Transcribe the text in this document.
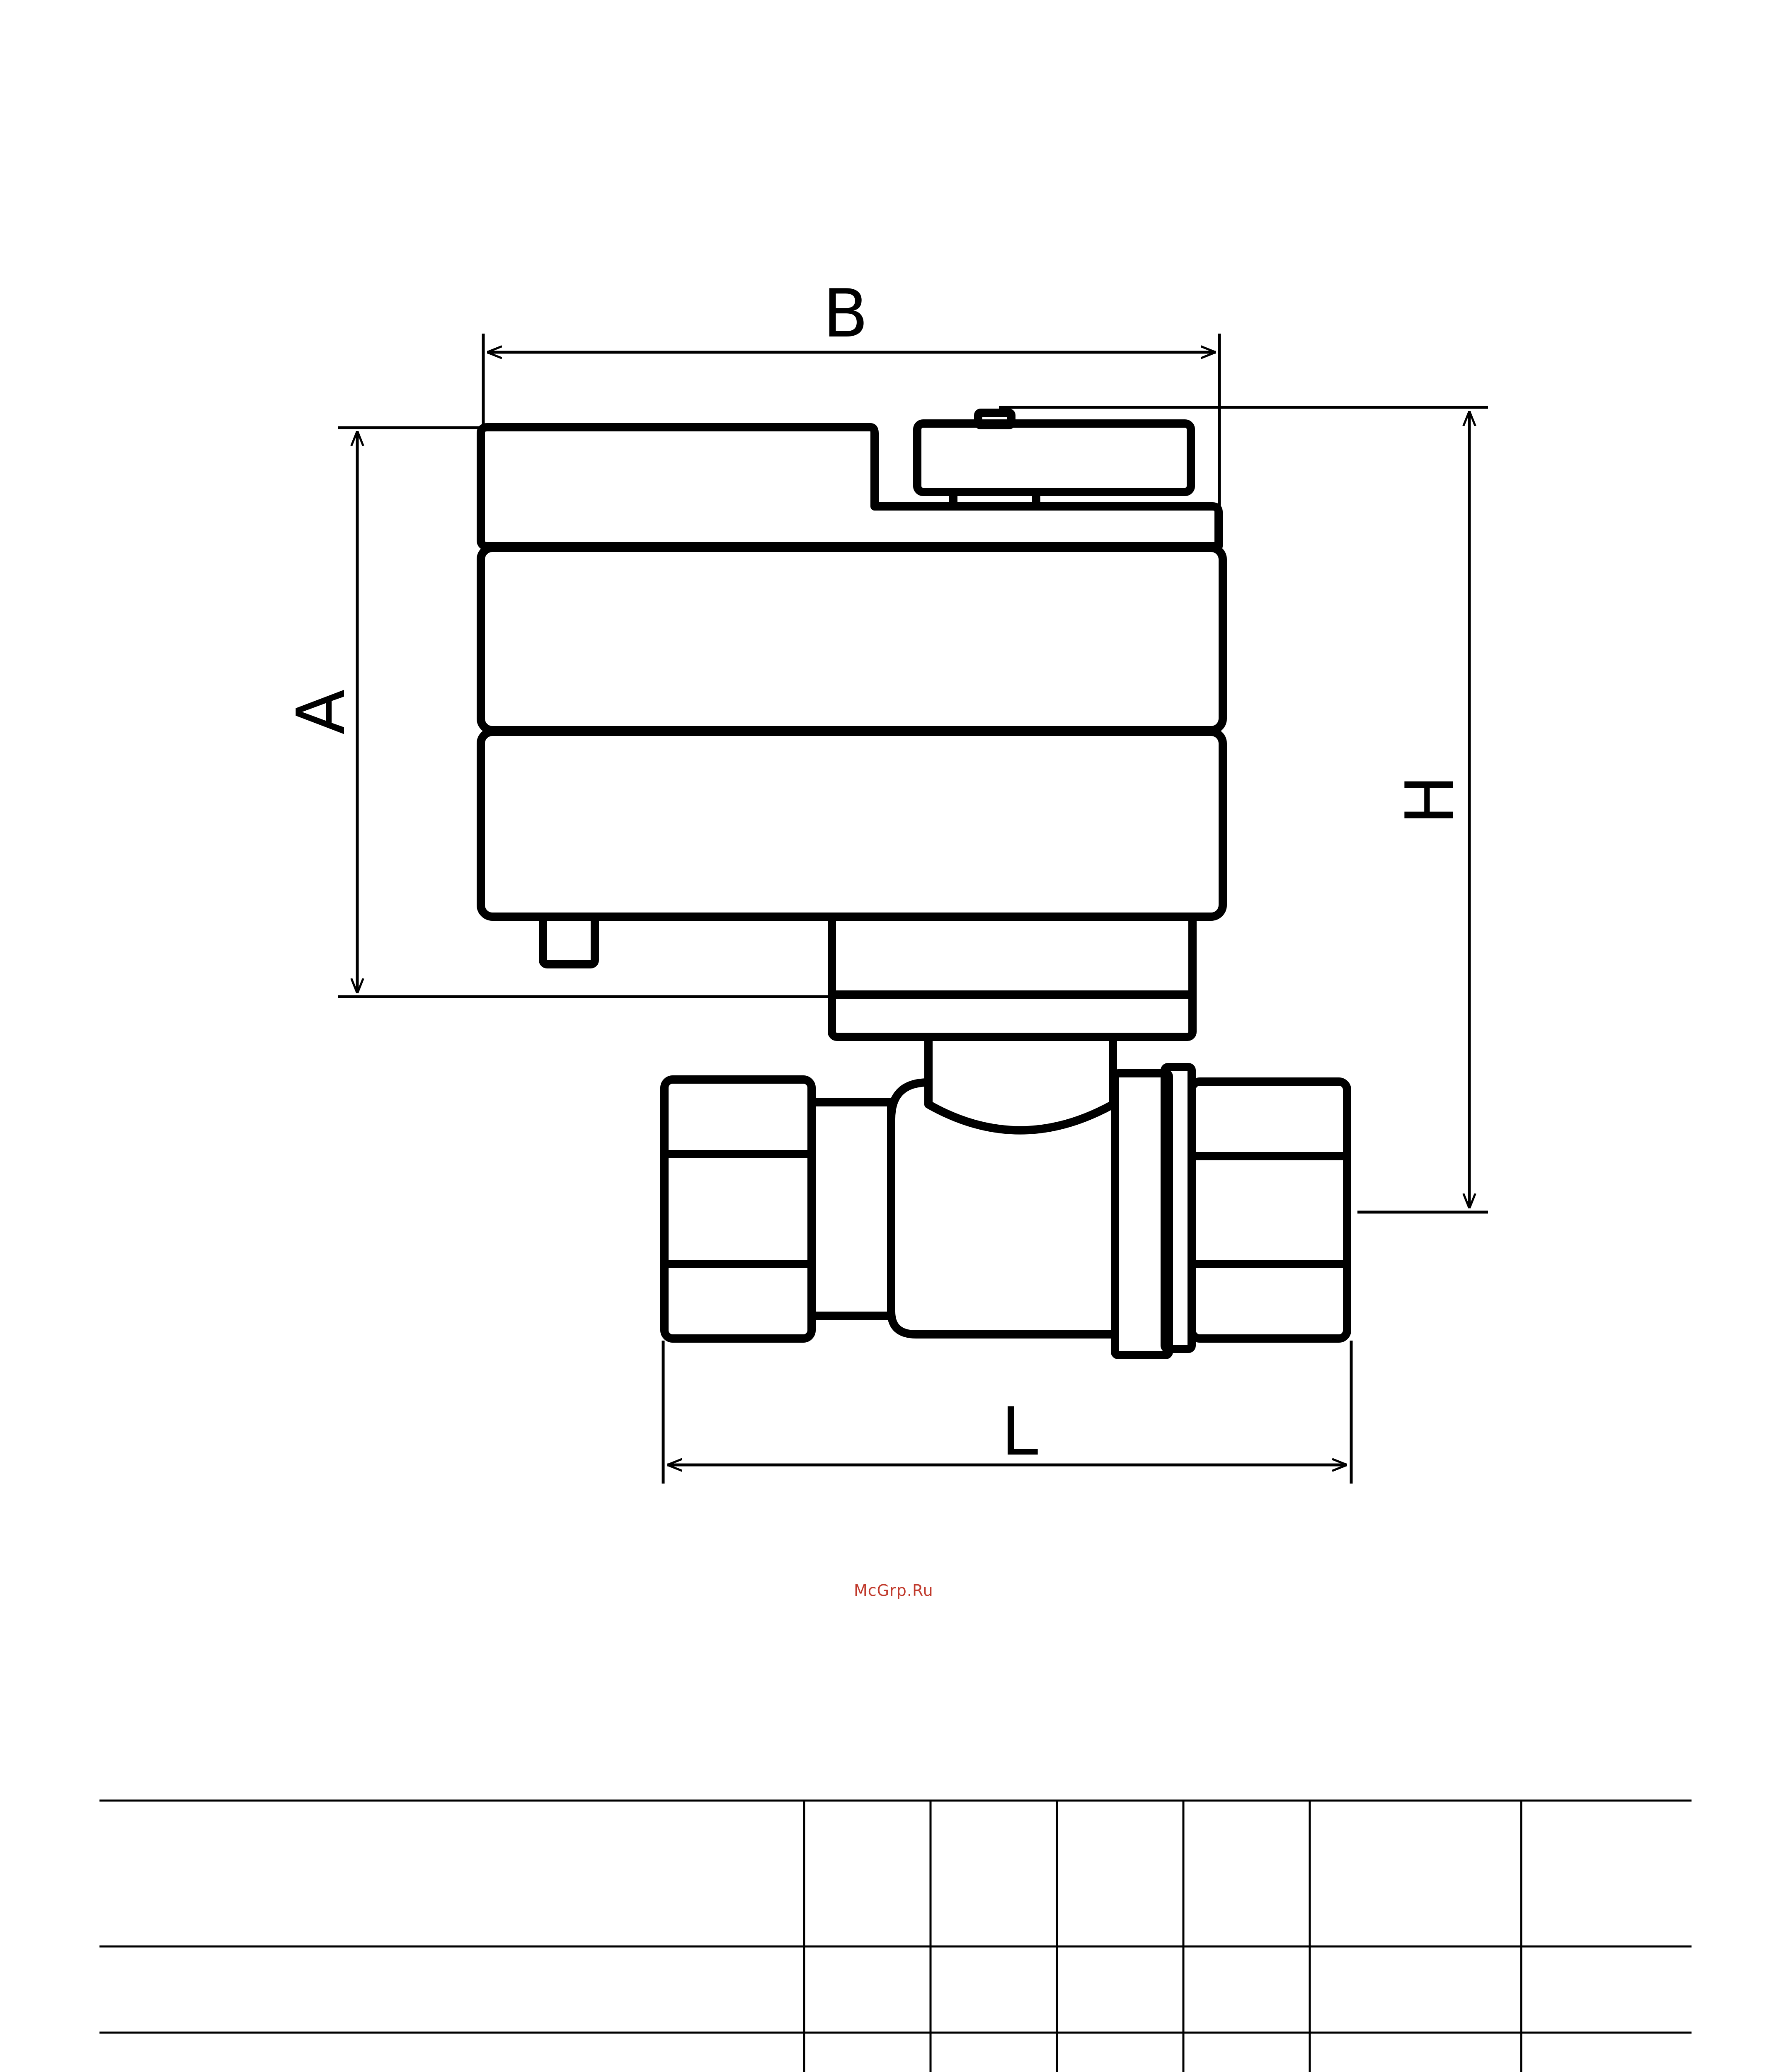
B
A
H
L
McGrp.Ru
